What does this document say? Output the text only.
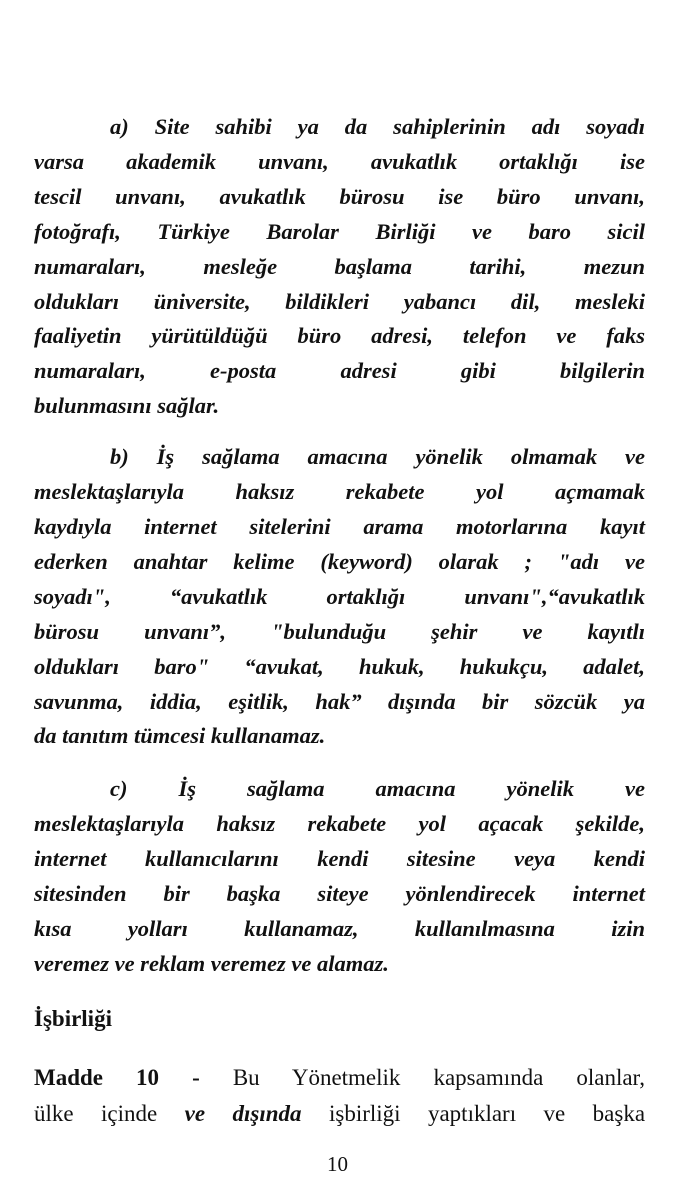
a) Site sahibi ya da sahiplerinin adı soyadı
varsa akademik unvanı, avukatlık ortaklığı ise
tescil unvanı, avukatlık bürosu ise büro unvanı,
fotoğrafı, Türkiye Barolar Birliği ve baro sicil
numaraları, mesleğe başlama tarihi, mezun
oldukları üniversite, bildikleri yabancı dil, mesleki
faaliyetin yürütüldüğü büro adresi, telefon ve faks
numaraları, e-posta adresi gibi bilgilerin
bulunmasını sağlar.

b) İş sağlama amacına yönelik olmamak ve
meslektaşlarıyla haksız rekabete yol açmamak
kaydıyla internet sitelerini arama motorlarına kayıt
ederken anahtar kelime (keyword) olarak ; "adı ve
soyadı", “avukatlık ortaklığı unvanı",“avukatlık
bürosu unvanı”, "bulunduğu şehir ve kayıtlı
oldukları baro" “avukat, hukuk, hukukçu, adalet,
savunma, iddia, eşitlik, hak” dışında bir sözcük ya
da tanıtım tümcesi kullanamaz.

c) İş sağlama amacına yönelik ve
meslektaşlarıyla haksız rekabete yol açacak şekilde,
internet kullanıcılarını kendi sitesine veya kendi
sitesinden bir başka siteye yönlendirecek internet
kısa yolları kullanamaz, kullanılmasına izin
veremez ve reklam veremez ve alamaz.

İşbirliği
Madde 10 - Bu Yönetmelik kapsamında olanlar,
ülke içinde ve dışında işbirliği yaptıkları ve başka
10
